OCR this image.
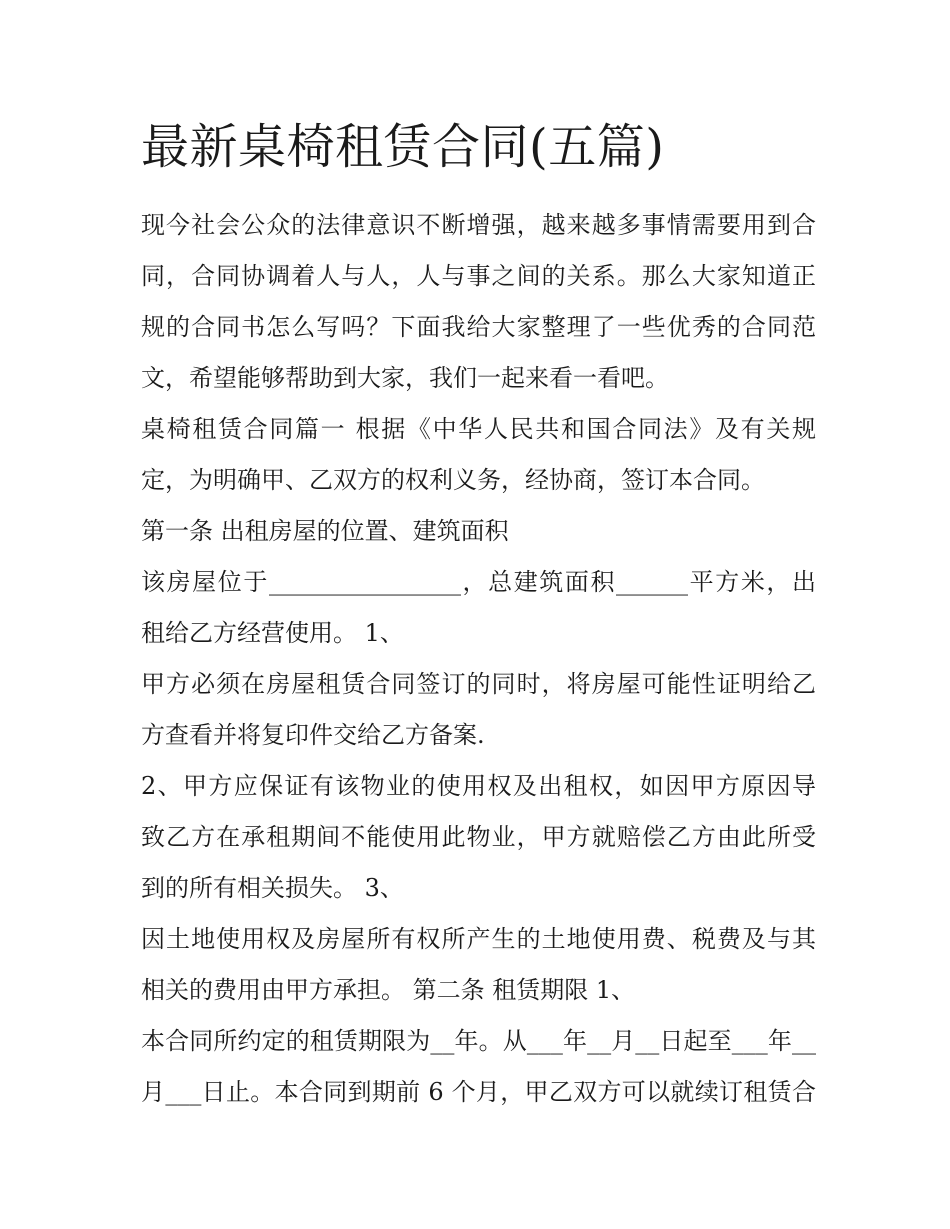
最新桌椅租赁合同(五篇)

现今社会公众的法律意识不断增强，越来越多事情需要用到合
同，合同协调着人与人，人与事之间的关系。那么大家知道正
规的合同书怎么写吗？下面我给大家整理了一些优秀的合同范
文，希望能够帮助到大家，我们一起来看一看吧。

桌椅租赁合同篇一 根据《中华人民共和国合同法》及有关规
定，为明确甲、乙双方的权利义务，经协商，签订本合同。

第一条 出租房屋的位置、建筑面积

该房屋位于________________，总建筑面积______平方米，出
租给乙方经营使用。 1、

甲方必须在房屋租赁合同签订的同时，将房屋可能性证明给乙
方查看并将复印件交给乙方备案.

2、甲方应保证有该物业的使用权及出租权，如因甲方原因导
致乙方在承租期间不能使用此物业，甲方就赔偿乙方由此所受
到的所有相关损失。 3、

因土地使用权及房屋所有权所产生的土地使用费、税费及与其
相关的费用由甲方承担。 第二条 租赁期限 1、

本合同所约定的租赁期限为__年。从___年__月__日起至___年__
月___日止。本合同到期前 6 个月，甲乙双方可以就续订租赁合
